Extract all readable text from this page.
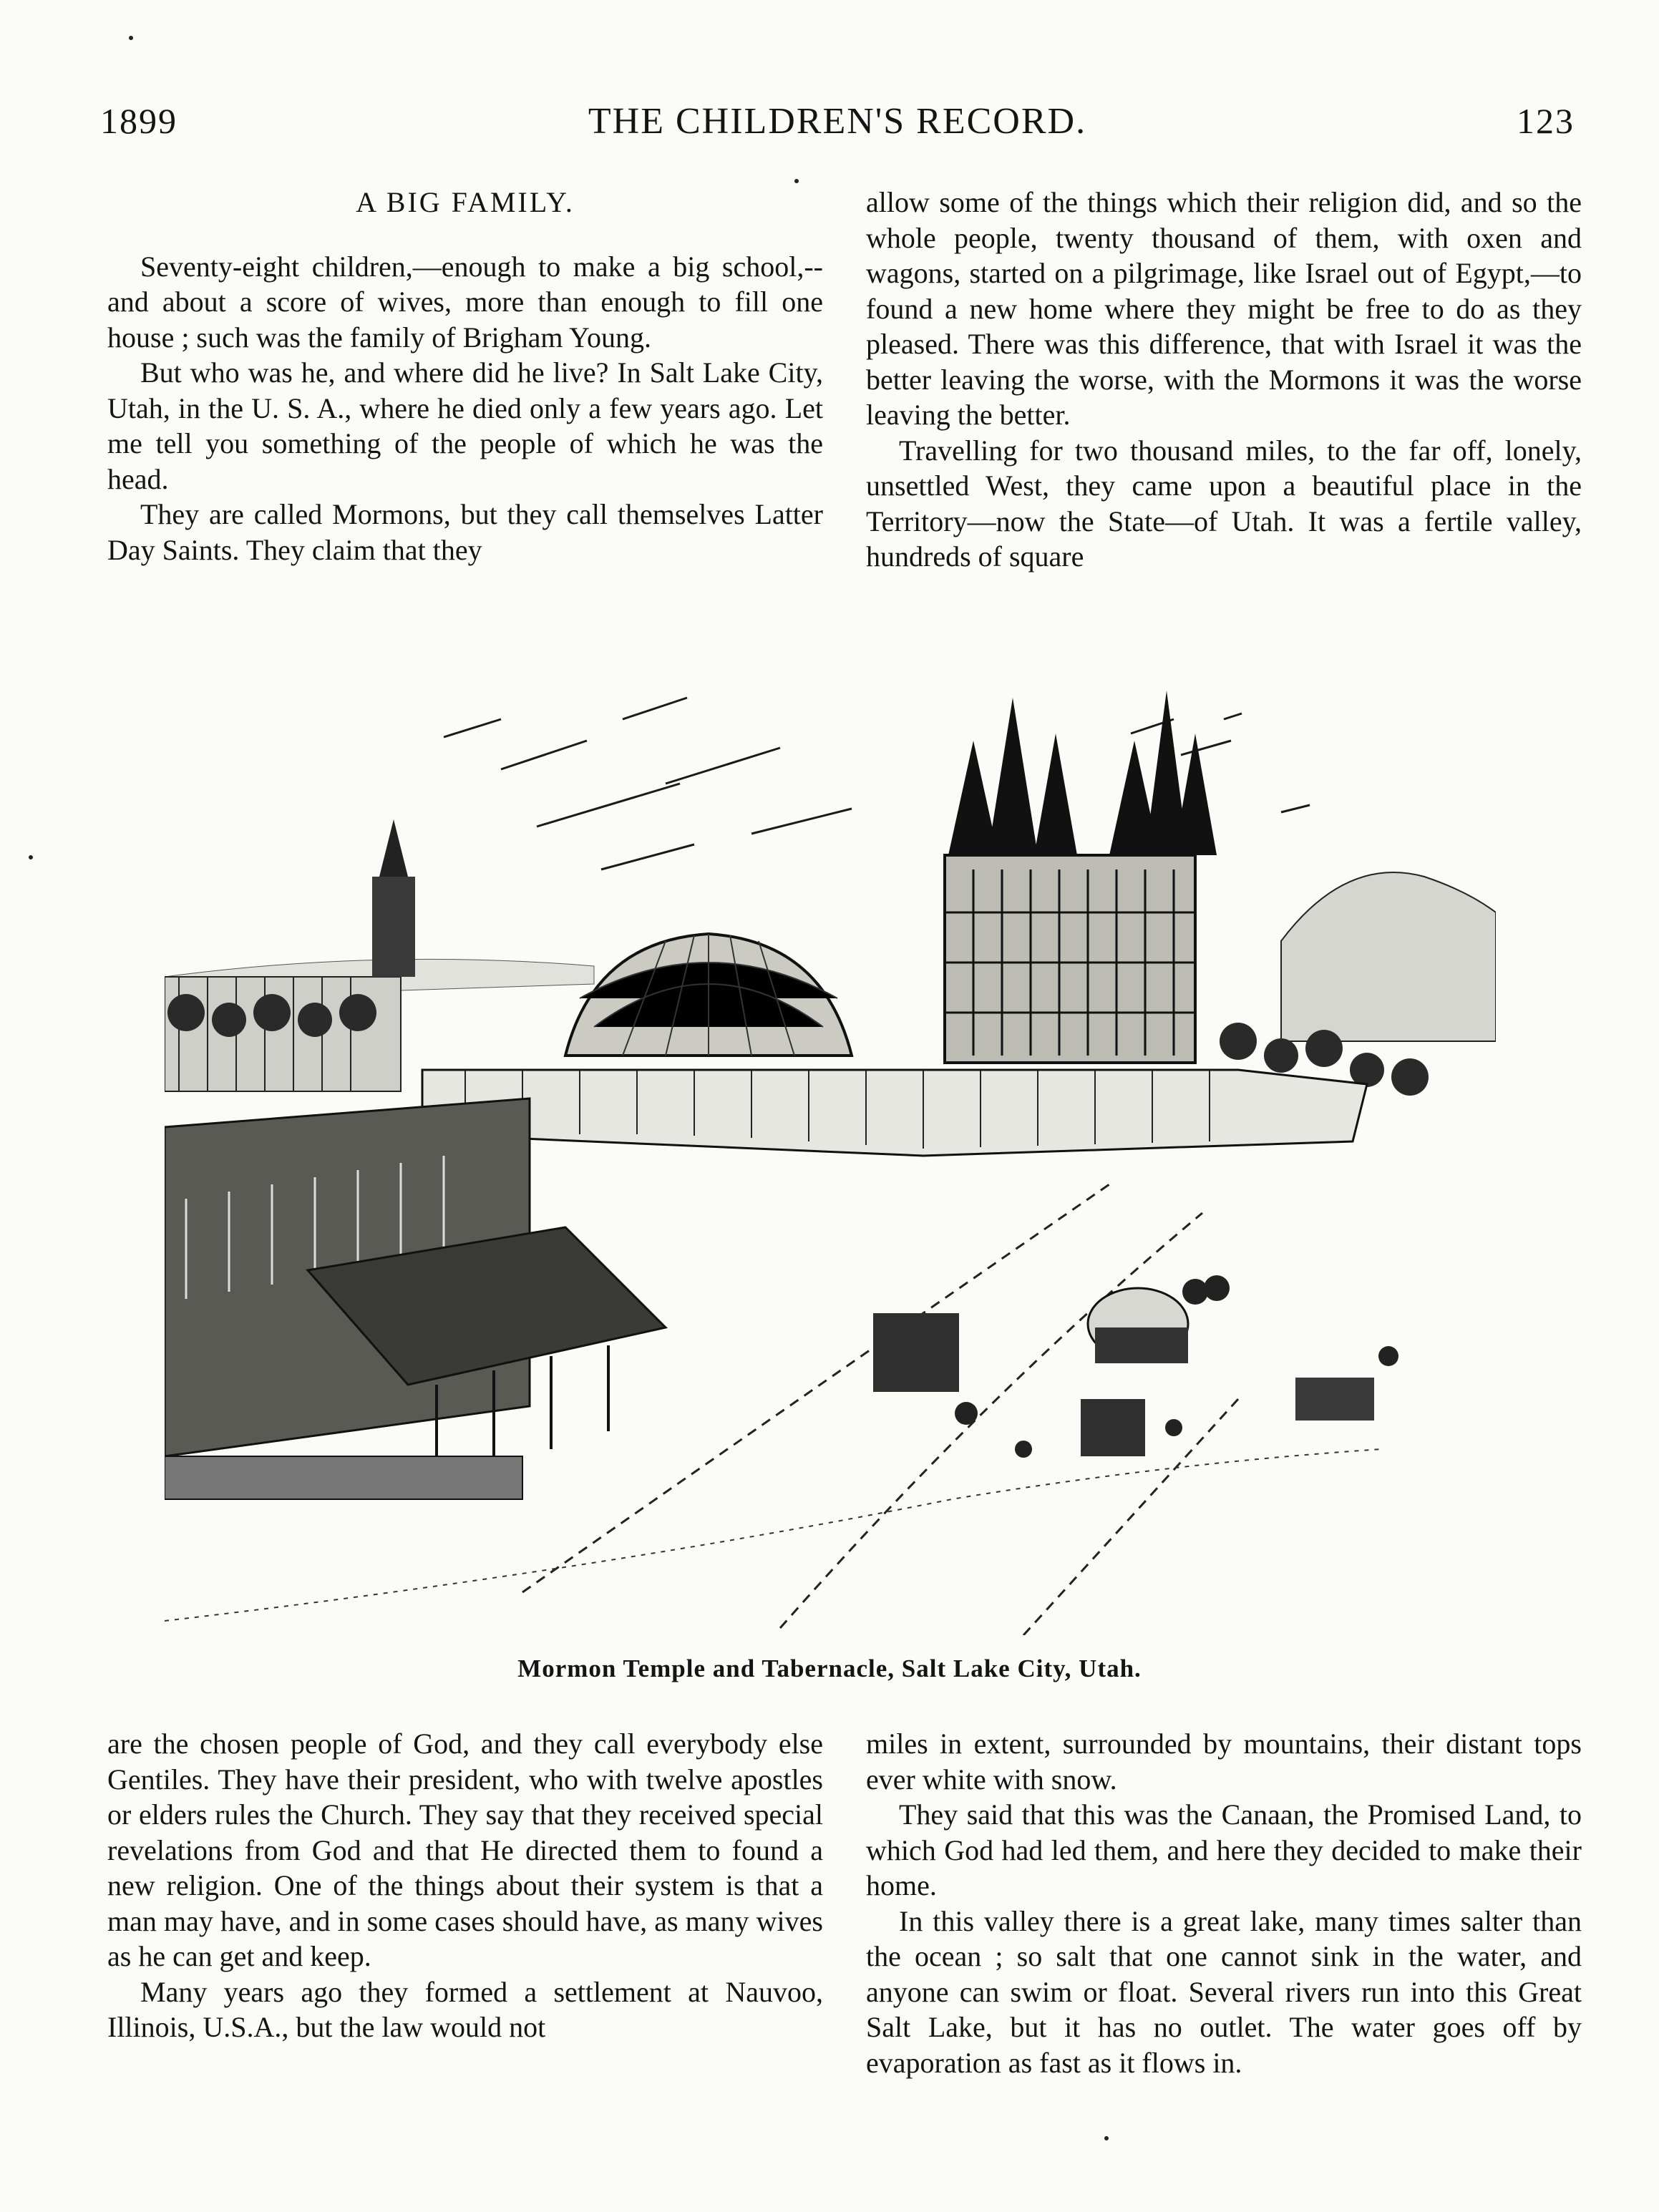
1899	THE CHILDREN'S RECORD.	123

A BIG FAMILY.

Seventy-eight children,—enough to make a big school,--and about a score of wives, more than enough to fill one house ; such was the family of Brigham Young.

But who was he, and where did he live? In Salt Lake City, Utah, in the U. S. A., where he died only a few years ago. Let me tell you something of the people of which he was the head.

They are called Mormons, but they call themselves Latter Day Saints. They claim that they

allow some of the things which their religion did, and so the whole people, twenty thousand of them, with oxen and wagons, started on a pilgrimage, like Israel out of Egypt,—to found a new home where they might be free to do as they pleased. There was this difference, that with Israel it was the better leaving the worse, with the Mormons it was the worse leaving the better.

Travelling for two thousand miles, to the far off, lonely, unsettled West, they came upon a beautiful place in the Territory—now the State—of Utah. It was a fertile valley, hundreds of square

Mormon Temple and Tabernacle, Salt Lake City, Utah.

are the chosen people of God, and they call everybody else Gentiles. They have their president, who with twelve apostles or elders rules the Church. They say that they received special revelations from God and that He directed them to found a new religion. One of the things about their system is that a man may have, and in some cases should have, as many wives as he can get and keep.

Many years ago they formed a settlement at Nauvoo, Illinois, U.S.A., but the law would not

miles in extent, surrounded by mountains, their distant tops ever white with snow.

They said that this was the Canaan, the Promised Land, to which God had led them, and here they decided to make their home.

In this valley there is a great lake, many times salter than the ocean ; so salt that one cannot sink in the water, and anyone can swim or float. Several rivers run into this Great Salt Lake, but it has no outlet. The water goes off by evaporation as fast as it flows in.
